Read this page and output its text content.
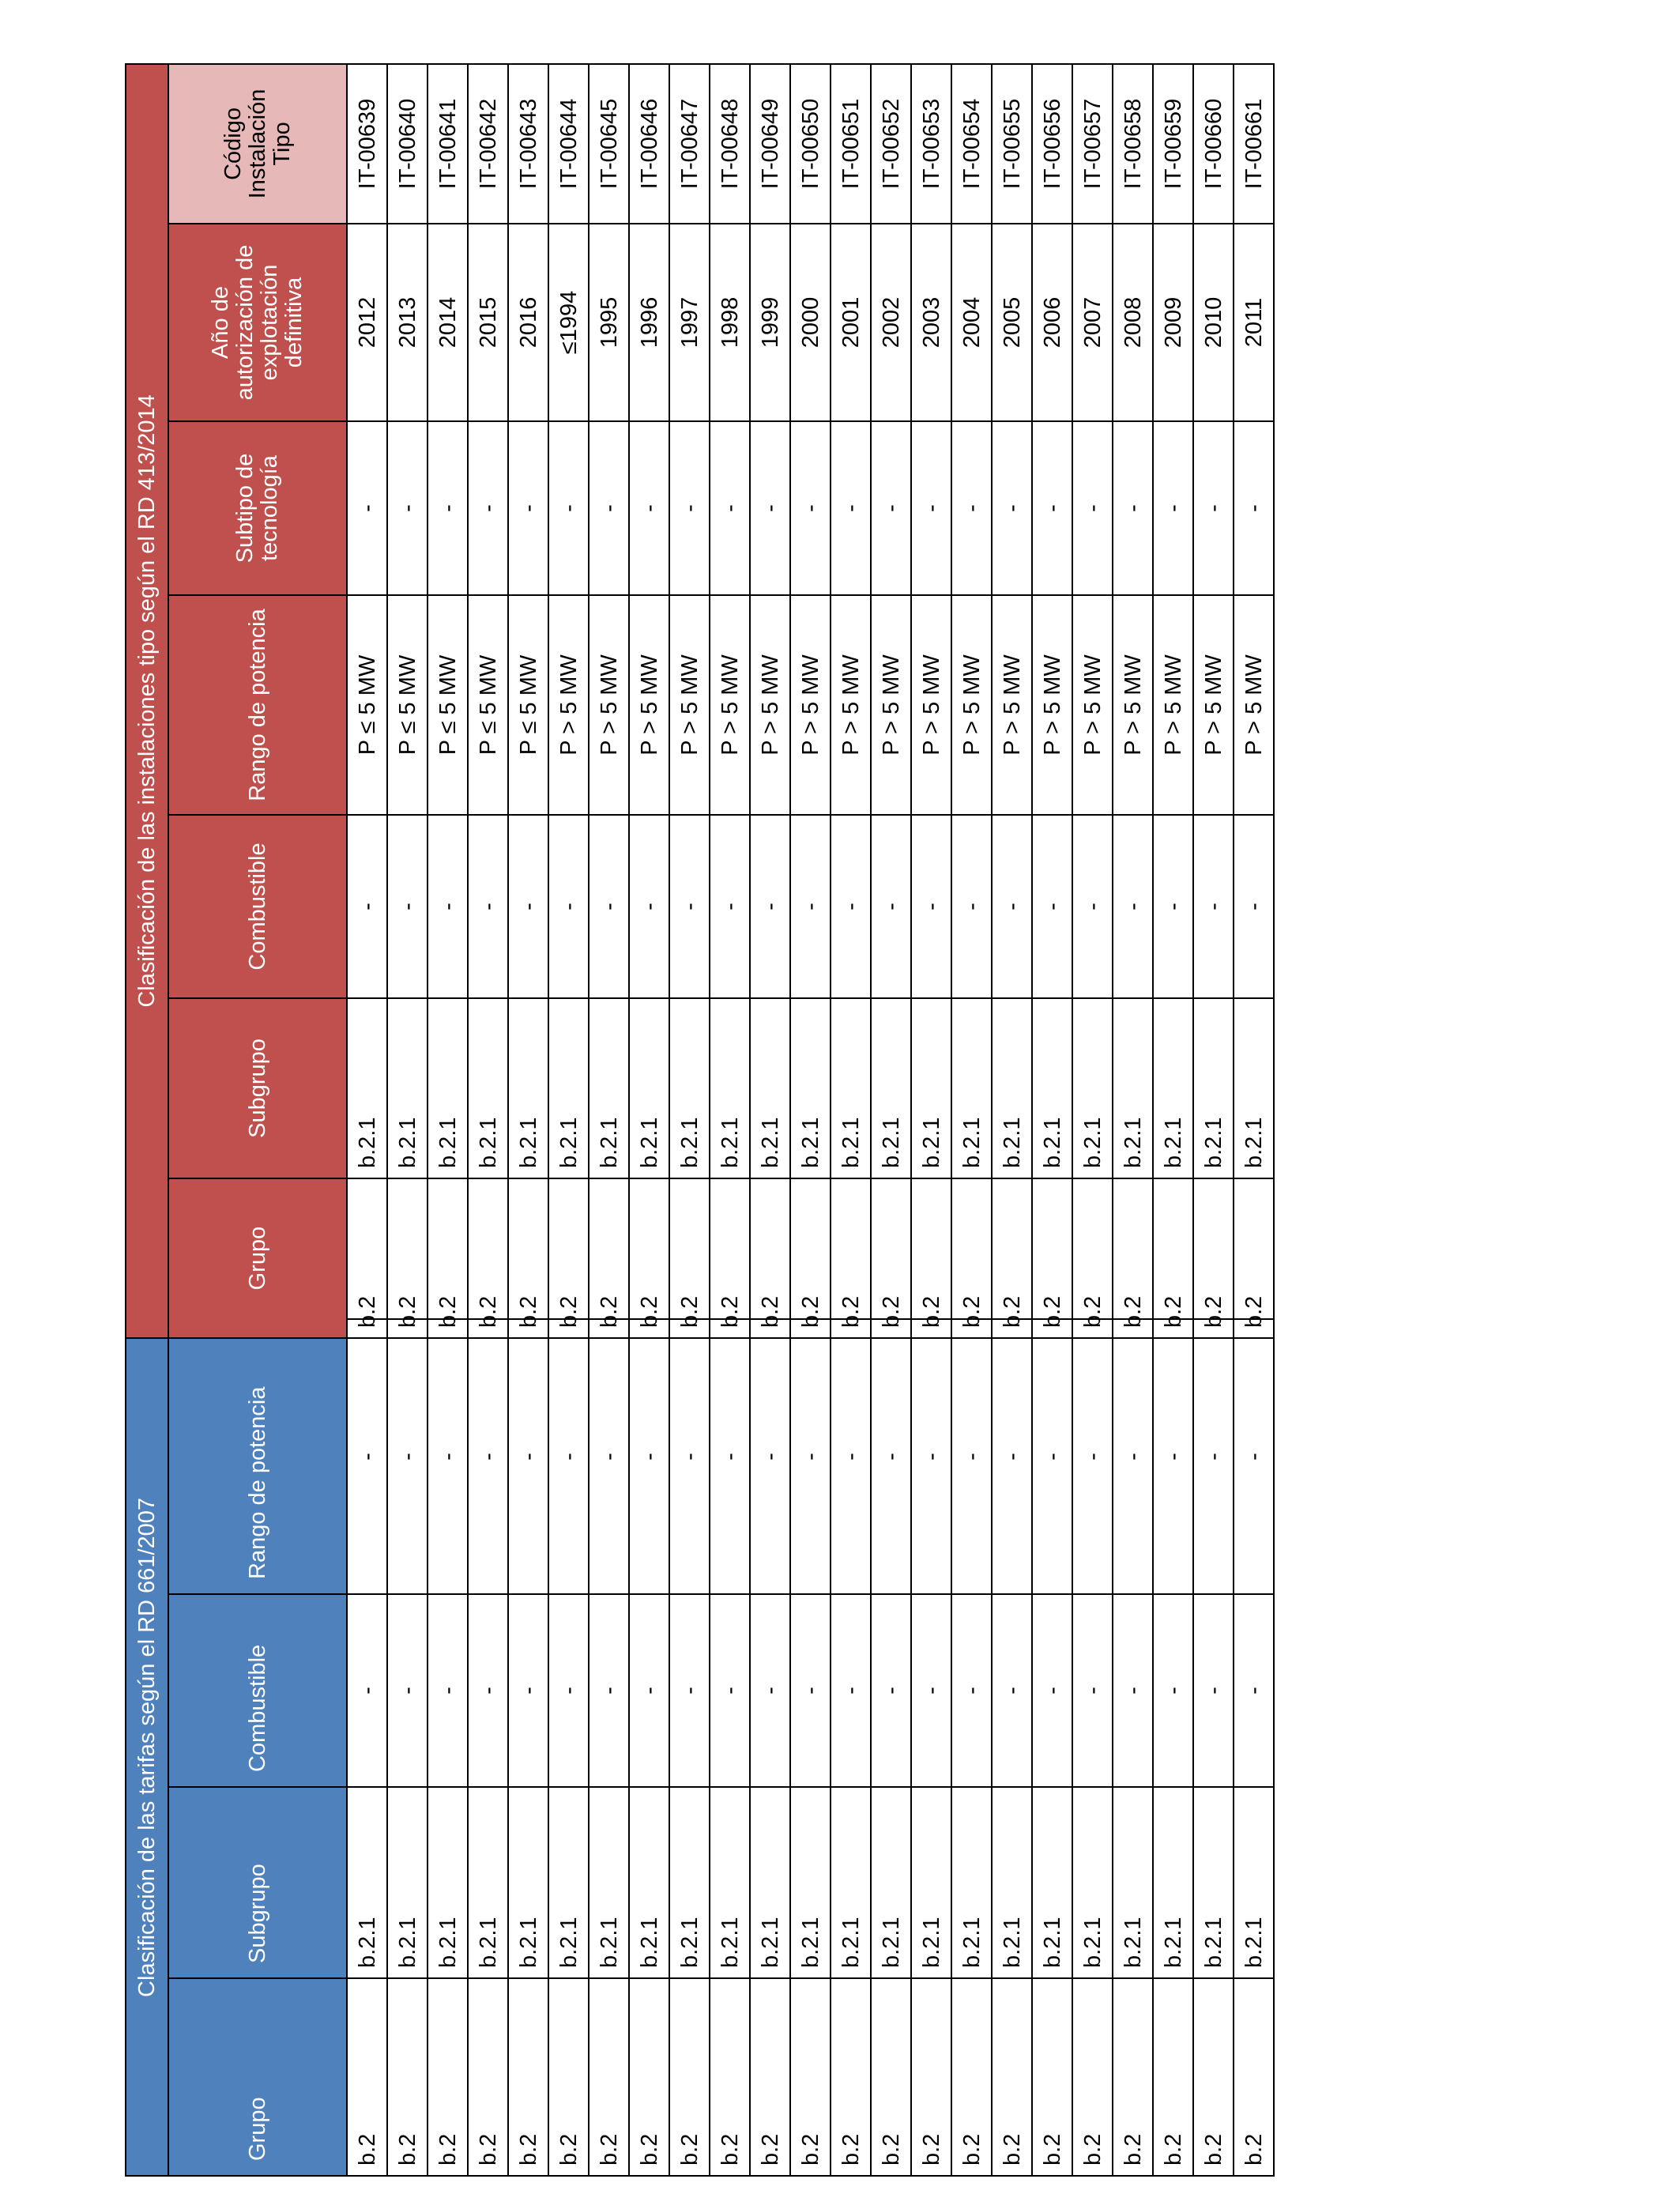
Clasificación de las tarifas según el RD 661/2007			
Grupo	Subgrupo	Combustible	Rango de potencia
b.2	b.2.1	-	-
b.2	b.2.1	-	-
b.2	b.2.1	-	-
b.2	b.2.1	-	-
b.2	b.2.1	-	-
b.2	b.2.1	-	-
b.2	b.2.1	-	-
b.2	b.2.1	-	-
b.2	b.2.1	-	-
b.2	b.2.1	-	-
b.2	b.2.1	-	-
b.2	b.2.1	-	-
b.2	b.2.1	-	-
b.2	b.2.1	-	-
b.2	b.2.1	-	-
b.2	b.2.1	-	-
b.2	b.2.1	-	-
b.2	b.2.1	-	-
b.2	b.2.1	-	-
b.2	b.2.1	-	-
b.2	b.2.1	-	-
b.2	b.2.1	-	-
b.2	b.2.1	-	-
Clasificación de las instalaciones tipo según el RD 413/2014						
Grupo	Subgrupo	Combustible	Rango de potencia	Subtipo de tecnología	Año de autorización de explotación definitiva	Código Instalación Tipo
b.2	b.2.1	-	P ≤ 5 MW	-	2012	IT-00639
b.2	b.2.1	-	P ≤ 5 MW	-	2013	IT-00640
b.2	b.2.1	-	P ≤ 5 MW	-	2014	IT-00641
b.2	b.2.1	-	P ≤ 5 MW	-	2015	IT-00642
b.2	b.2.1	-	P ≤ 5 MW	-	2016	IT-00643
b.2	b.2.1	-	P > 5 MW	-	≤1994	IT-00644
b.2	b.2.1	-	P > 5 MW	-	1995	IT-00645
b.2	b.2.1	-	P > 5 MW	-	1996	IT-00646
b.2	b.2.1	-	P > 5 MW	-	1997	IT-00647
b.2	b.2.1	-	P > 5 MW	-	1998	IT-00648
b.2	b.2.1	-	P > 5 MW	-	1999	IT-00649
b.2	b.2.1	-	P > 5 MW	-	2000	IT-00650
b.2	b.2.1	-	P > 5 MW	-	2001	IT-00651
b.2	b.2.1	-	P > 5 MW	-	2002	IT-00652
b.2	b.2.1	-	P > 5 MW	-	2003	IT-00653
b.2	b.2.1	-	P > 5 MW	-	2004	IT-00654
b.2	b.2.1	-	P > 5 MW	-	2005	IT-00655
b.2	b.2.1	-	P > 5 MW	-	2006	IT-00656
b.2	b.2.1	-	P > 5 MW	-	2007	IT-00657
b.2	b.2.1	-	P > 5 MW	-	2008	IT-00658
b.2	b.2.1	-	P > 5 MW	-	2009	IT-00659
b.2	b.2.1	-	P > 5 MW	-	2010	IT-00660
b.2	b.2.1	-	P > 5 MW	-	2011	IT-00661
